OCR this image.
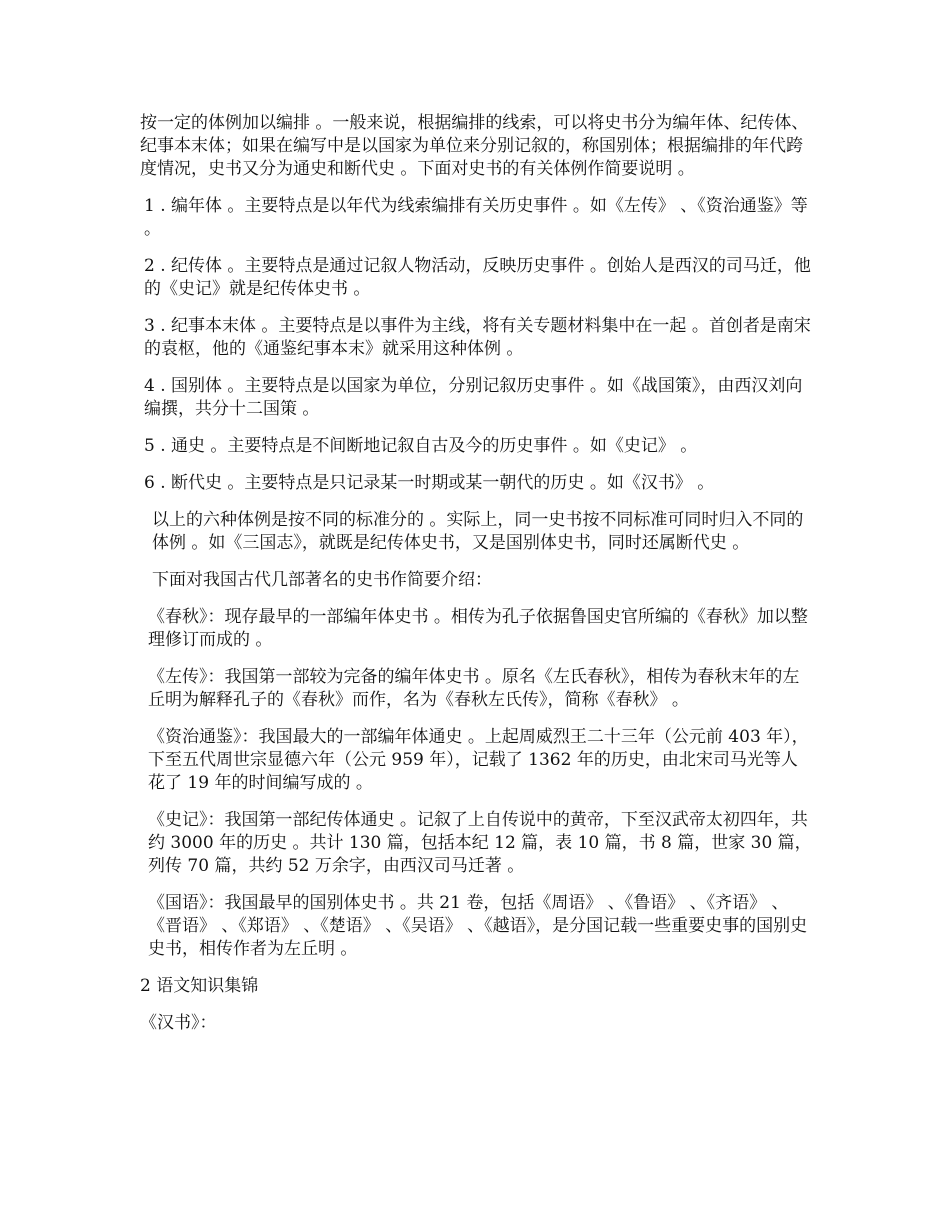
按一定的体例加以编排 。一般来说，根据编排的线索，可以将史书分为编年体、纪传体、纪事本末体；如果在编写中是以国家为单位来分别记叙的，称国别体；根据编排的年代跨度情况，史书又分为通史和断代史 。下面对史书的有关体例作简要说明 。

1 . 编年体 。主要特点是以年代为线索编排有关历史事件 。如《左传》 、《资治通鉴》等 。

2 . 纪传体 。主要特点是通过记叙人物活动，反映历史事件 。创始人是西汉的司马迁，他的《史记》就是纪传体史书 。

3 . 纪事本末体 。主要特点是以事件为主线，将有关专题材料集中在一起 。首创者是南宋的袁枢，他的《通鉴纪事本末》就采用这种体例 。

4 . 国别体 。主要特点是以国家为单位，分别记叙历史事件 。如《战国策》，由西汉刘向编撰，共分十二国策 。

5 . 通史 。主要特点是不间断地记叙自古及今的历史事件 。如《史记》 。

6 . 断代史 。主要特点是只记录某一时期或某一朝代的历史 。如《汉书》 。

以上的六种体例是按不同的标准分的 。实际上，同一史书按不同标准可同时归入不同的体例 。如《三国志》，就既是纪传体史书，又是国别体史书，同时还属断代史 。

下面对我国古代几部著名的史书作简要介绍：

《春秋》：现存最早的一部编年体史书 。相传为孔子依据鲁国史官所编的《春秋》加以整理修订而成的 。

《左传》：我国第一部较为完备的编年体史书 。原名《左氏春秋》，相传为春秋末年的左丘明为解释孔子的《春秋》而作，名为《春秋左氏传》，简称《春秋》 。

《资治通鉴》：我国最大的一部编年体通史 。上起周威烈王二十三年（公元前 403 年），下至五代周世宗显德六年（公元 959 年），记载了 1362 年的历史，由北宋司马光等人花了 19 年的时间编写成的 。

《史记》：我国第一部纪传体通史 。记叙了上自传说中的黄帝，下至汉武帝太初四年，共约 3000 年的历史 。共计 130 篇，包括本纪 12 篇，表 10 篇，书 8 篇，世家 30 篇，列传 70 篇，共约 52 万余字，由西汉司马迁著 。

《国语》：我国最早的国别体史书 。共 21 卷，包括《周语》 、《鲁语》 、《齐语》 、《晋语》 、《郑语》 、《楚语》 、《吴语》 、《越语》，是分国记载一些重要史事的国别史史书，相传作者为左丘明 。

2 语文知识集锦

《汉书》：
